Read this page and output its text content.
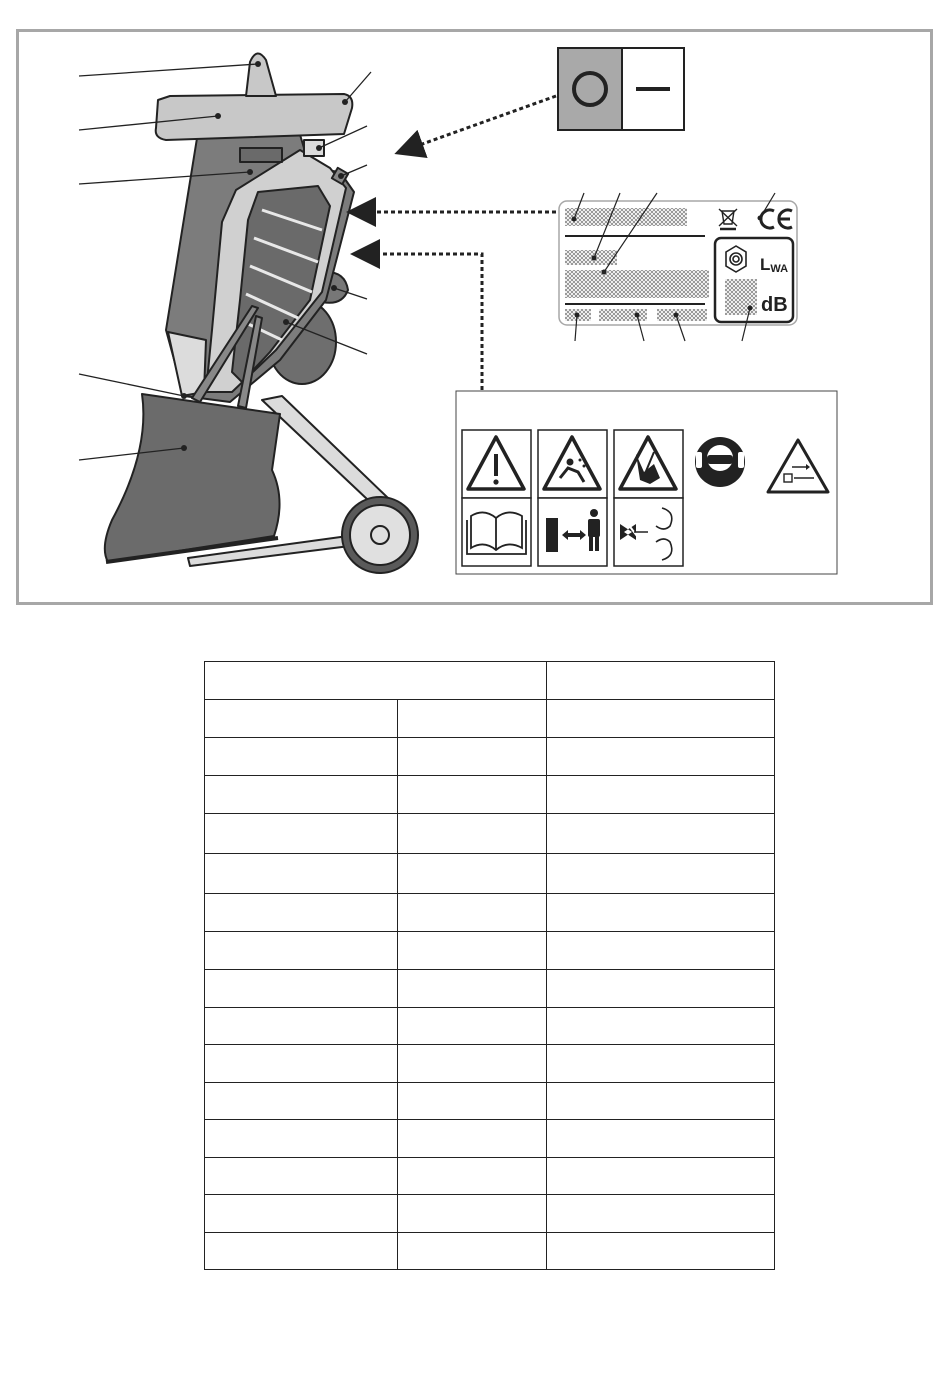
LWA
dB
